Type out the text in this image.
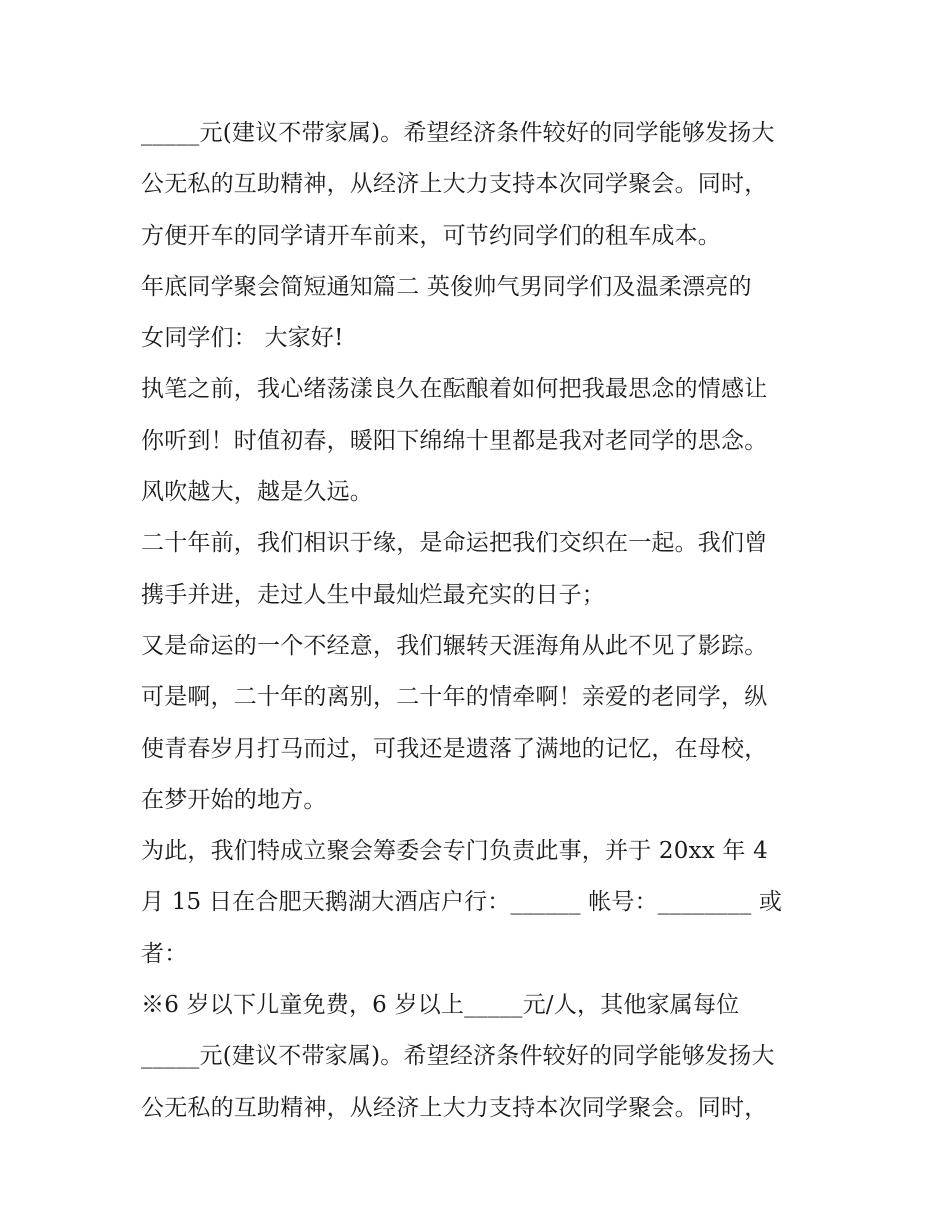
_____元(建议不带家属)。希望经济条件较好的同学能够发扬大
公无私的互助精神，从经济上大力支持本次同学聚会。同时，
方便开车的同学请开车前来，可节约同学们的租车成本。
年底同学聚会简短通知篇二 英俊帅气男同学们及温柔漂亮的
女同学们： 大家好!
执笔之前，我心绪荡漾良久在酝酿着如何把我最思念的情感让
你听到！时值初春，暖阳下绵绵十里都是我对老同学的思念。
风吹越大，越是久远。
二十年前，我们相识于缘，是命运把我们交织在一起。我们曾
携手并进，走过人生中最灿烂最充实的日子；
又是命运的一个不经意，我们辗转天涯海角从此不见了影踪。
可是啊，二十年的离别，二十年的情牵啊！亲爱的老同学，纵
使青春岁月打马而过，可我还是遗落了满地的记忆，在母校，
在梦开始的地方。
为此，我们特成立聚会筹委会专门负责此事，并于 20xx 年 4
月 15 日在合肥天鹅湖大酒店户行：______ 帐号：________ 或
者：
※6 岁以下儿童免费，6 岁以上_____元/人，其他家属每位
_____元(建议不带家属)。希望经济条件较好的同学能够发扬大
公无私的互助精神，从经济上大力支持本次同学聚会。同时，
